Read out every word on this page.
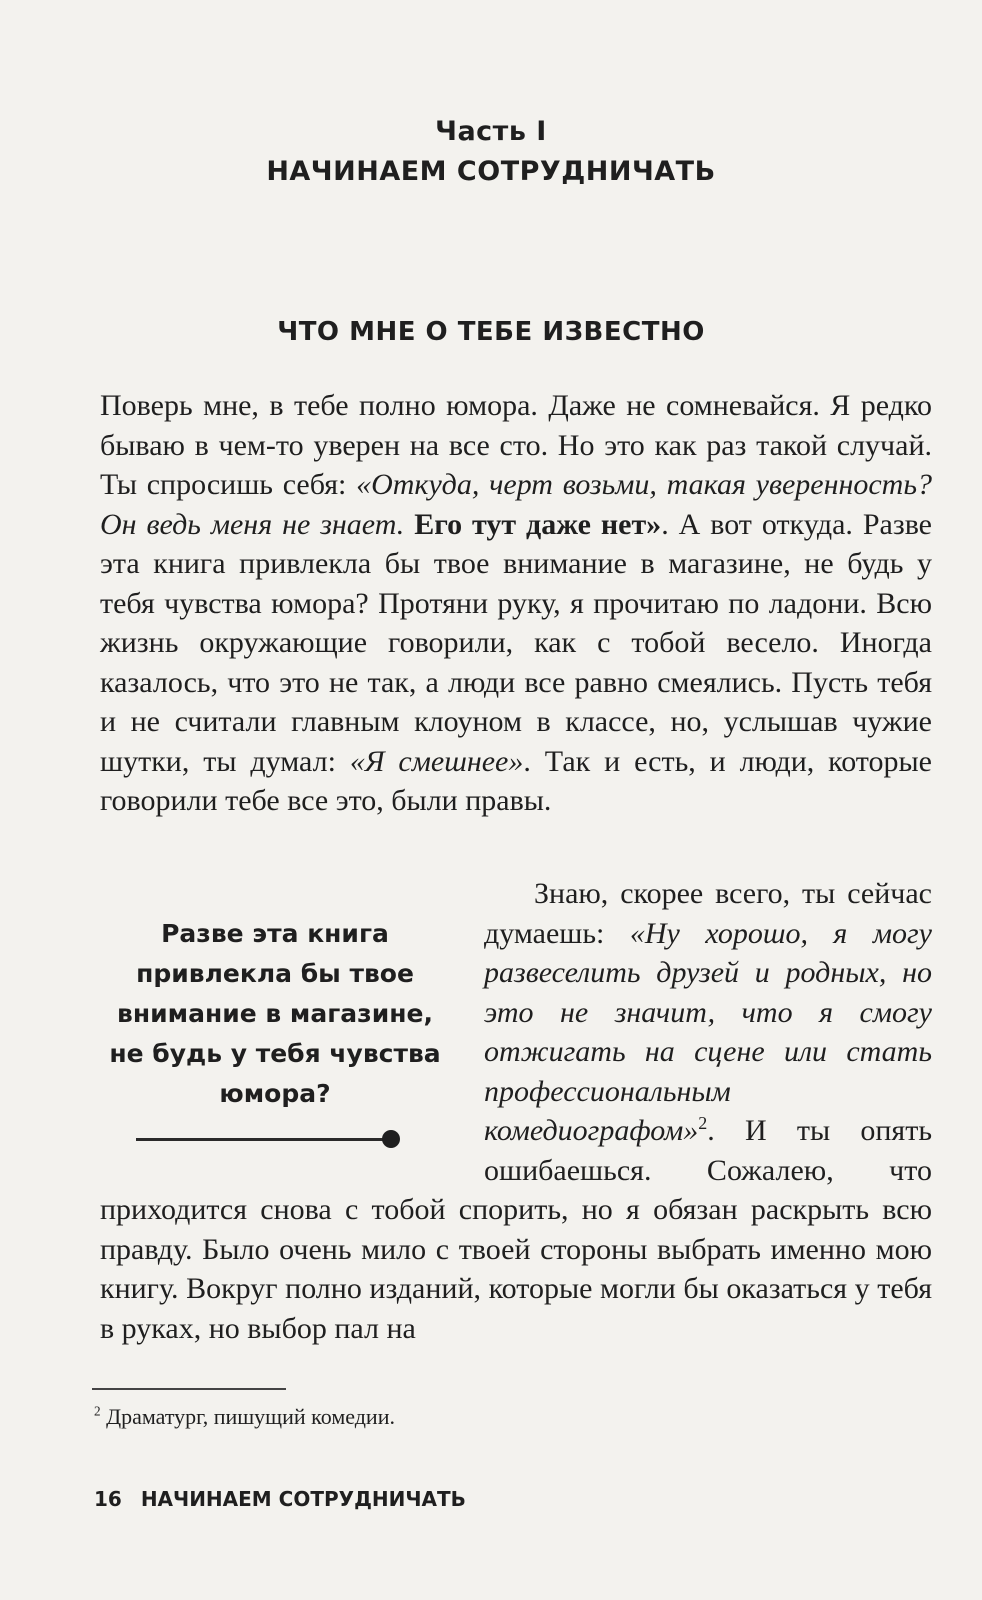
Часть I
НАЧИНАЕМ СОТРУДНИЧАТЬ
ЧТО МНЕ О ТЕБЕ ИЗВЕСТНО

Поверь мне, в тебе полно юмора. Даже не сомневайся. Я редко бываю в чем-то уверен на все сто. Но это как раз такой случай. Ты спросишь себя: «Откуда, черт возьми, такая уверенность? Он ведь меня не знает. Его тут даже нет». А вот откуда. Разве эта книга привлекла бы твое внимание в магазине, не будь у тебя чувства юмора? Протяни руку, я прочитаю по ладони. Всю жизнь окружающие говорили, как с тобой весело. Иногда казалось, что это не так, а люди все равно смеялись. Пусть тебя и не считали главным клоуном в классе, но, услышав чужие шутки, ты думал: «Я смешнее». Так и есть, и люди, которые говорили тебе все это, были правы.

Разве эта книга привлекла бы твое внимание в магазине, не будь у тебя чувства юмора?

Знаю, скорее всего, ты сейчас думаешь: «Ну хорошо, я могу развеселить друзей и родных, но это не значит, что я смогу отжигать на сцене или стать профессиональным комедиографом»$^2$. И ты опять ошибаешься. Сожалею, что приходится снова с тобой спорить, но я обязан раскрыть всю правду. Было очень мило с твоей стороны выбрать именно мою книгу. Вокруг полно изданий, которые могли бы оказаться у тебя в руках, но выбор пал на

$^2$ Драматург, пишущий комедии.

16 НАЧИНАЕМ СОТРУДНИЧАТЬ
